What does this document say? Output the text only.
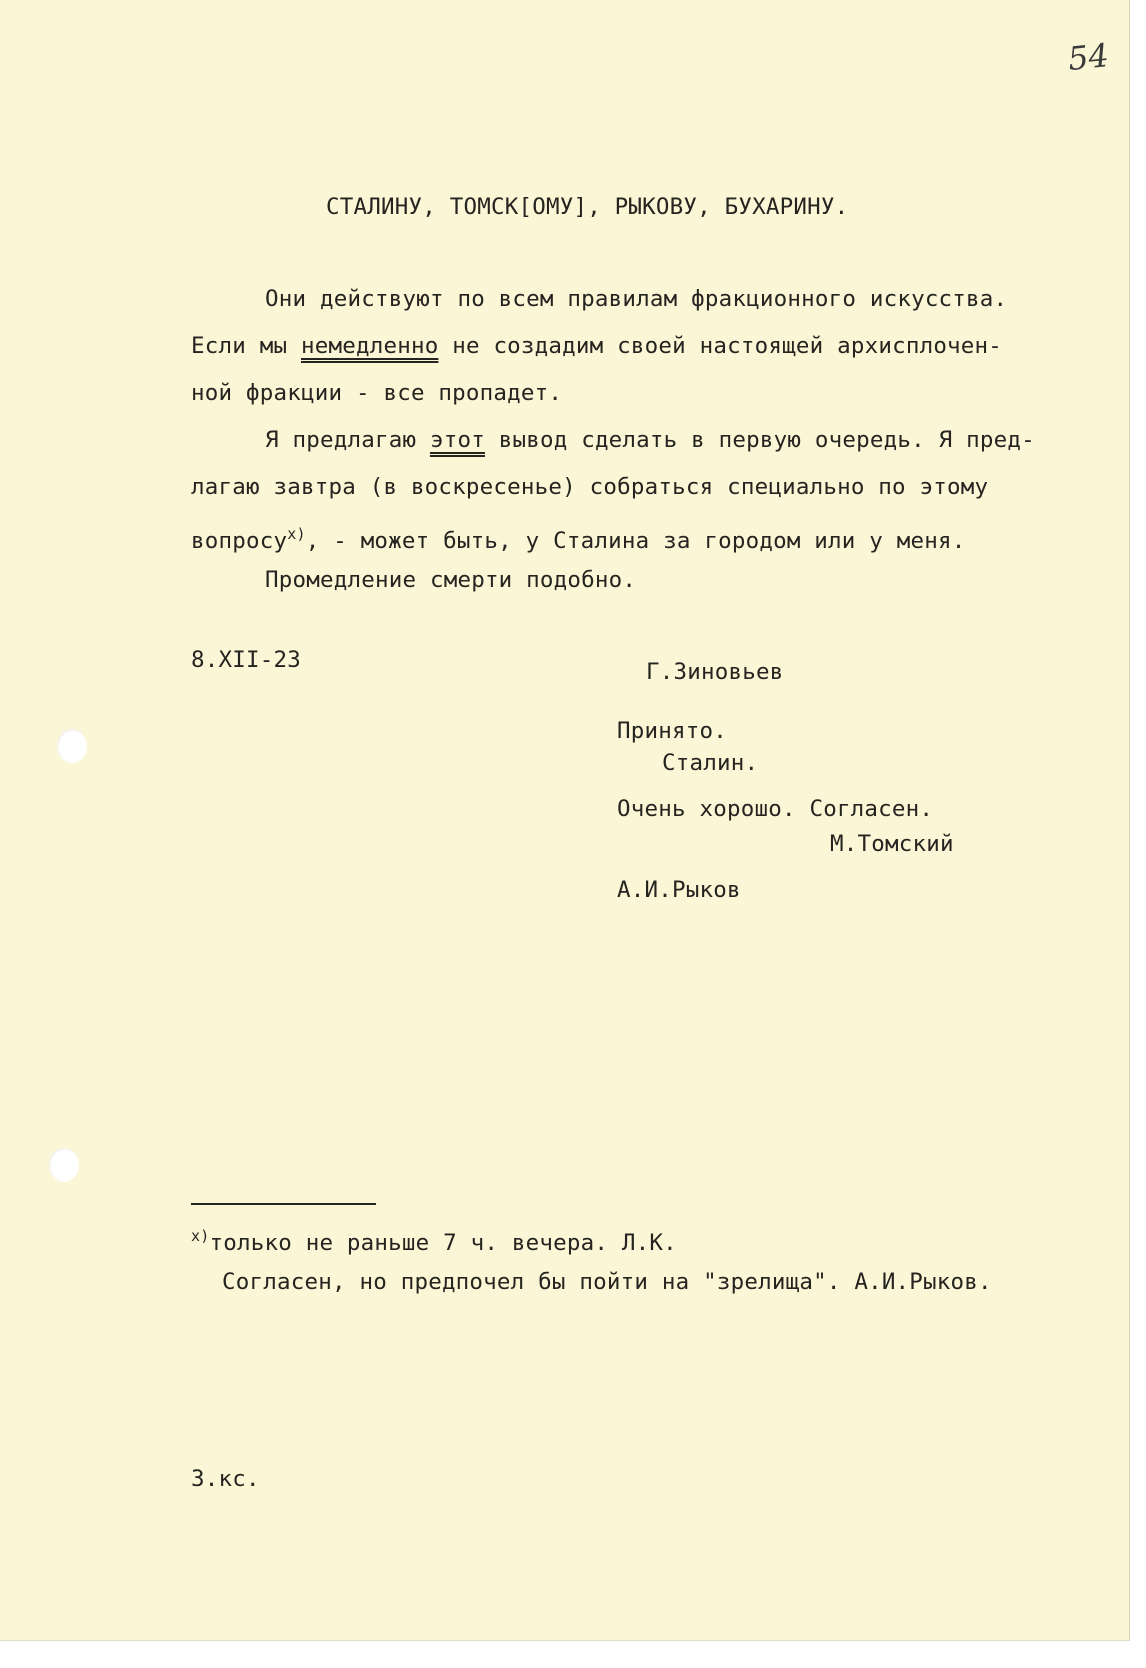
54
СТАЛИНУ, ТОМСК[ОМУ], РЫКОВУ, БУХАРИНУ.
Они действуют по всем правилам фракционного искусства.
Если мы немедленно не создадим своей настоящей архисплочен-
ной фракции - все пропадет.
Я предлагаю этот вывод сделать в первую очередь. Я пред-
лагаю завтра (в воскресенье) собраться специально по этому
вопросу$^{x)}$, - может быть, у Сталина за городом или у меня.
Промедление смерти подобно.
8.XII-23	Г.Зиновьев
Принято.
Сталин.
Очень хорошо. Согласен.
М.Томский
А.И.Рыков
$^{x)}$только не раньше 7 ч. вечера. Л.К.
Согласен, но предпочел бы пойти на "зрелища". А.И.Рыков.
3.кс.
